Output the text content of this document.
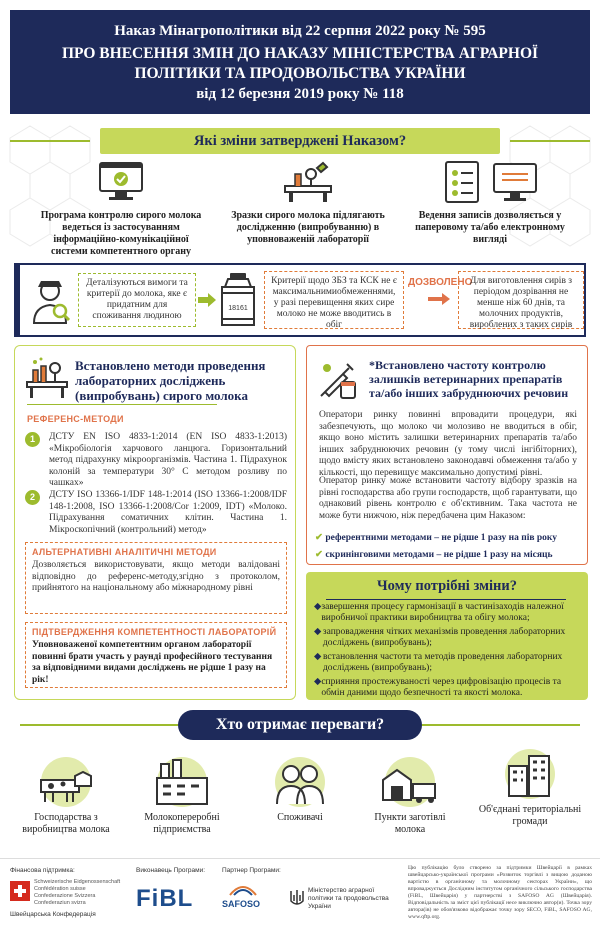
Наказ Мінагрополітики від 22 серпня 2022 року № 595
ПРО ВНЕСЕННЯ ЗМІН ДО НАКАЗУ МІНІСТЕРСТВА АГРАРНОЇ
ПОЛІТИКИ ТА ПРОДОВОЛЬСТВА УКРАЇНИ
від 12 березня 2019 року № 118
Які зміни затверджені Наказом?
Програма контролю сирого молока ведеться із застосуванням інформаційно-комунікаційної системи компетентного органу
Зразки сирого молока підлягають дослідженню (випробуванню) в уповноваженій лабораторії
Ведення записів дозволяється у паперовому та/або електронному вигляді
Деталізуються вимоги та критерії до молока, яке є придатним для споживання людиною
18161
Критерії щодо ЗБЗ та КСК не є максимальнимиобмеженнями, у разі перевищення яких сире молоко не може вводитись в обіг
ДОЗВОЛЕНО
Для виготовлення сирів з періодом дозрівання не менше ніж 60 днів, та молочних продуктів, вироблених з таких сирів
Встановлено методи проведення лабораторних досліджень (випробувань) сирого молока
РЕФЕРЕНС-МЕТОДИ
1	ДСТУ EN ISO 4833-1:2014 (EN ISO 4833-1:2013) «Мікробіологія харчового ланцюга. Горизонтальний метод підрахунку мікроорганізмів. Частина 1. Підрахунок колоній за температури 30° С методом розливу по чашках»
2	ДСТУ ISO 13366-1/IDF 148-1:2014 (ISO 13366-1:2008/IDF 148-1:2008, ISO 13366-1:2008/Cor 1:2009, IDT) «Молоко. Підрахування соматичних клітин. Частина 1. Мікроскопічний (контрольний) метод»
АЛЬТЕРНАТИВНІ АНАЛІТИЧНІ МЕТОДИ
Дозволяється використовувати, якщо методи валідовані відповідно до референс-методу,згідно з протоколом, прийнятого на національному або міжнародному рівні
ПІДТВЕРДЖЕННЯ КОМПЕТЕНТНОСТІ ЛАБОРАТОРІЙ
Уповноваженої компетентним органом лабораторії повинні брати участь у раунді професійного тестування за відповідними видами досліджень не рідше 1 разу на рік!
*Встановлено частоту контролю залишків ветеринарних препаратів та/або інших забруднюючих речовин
Оператори ринку повинні впровадити процедури, які забезпечують, що молоко чи молозиво не вводиться в обіг, якщо воно містить залишки ветеринарних препаратів та/або інших забруднюючих речовин (у тому числі інгібіторних), щодо вмісту яких встановлено законодавчі обмеження та/або у кількості, що перевищує максимально допустимі рівні.
Оператор ринку може встановити частоту відбору зразків на рівні господарства або групи господарств, щоб гарантувати, що однаковий рівень контролю є об'єктивним. Така частота не може бути нижчою, ніж передбачена цим Наказом:
✔ референтними методами – не рідше 1 разу на пів року
✔ скринінговими методами – не рідше 1 разу на місяць
Чому потрібні зміни?
◆ завершення процесу гармонізації в частинізаходів належної виробничої практики виробництва та обігу молока;
◆ запровадження чітких механізмів проведення лабораторних досліджень (випробувань);
◆ встановлення частоти та методів проведення лабораторних досліджень (випробувань);
◆ сприяння простежуваності через цифровізацію процесів та обмін даними щодо безпечності та якості молока.
Хто отримає переваги?
Господарства з виробництва молока
Молокопереробні підприємства
Споживачі	Пункти заготівлі молока
Об'єднані територіальні громади
Фінансова підтримка:
Schweizerische Eidgenossenschaft
Confédération suisse
Confederazione Svizzera
Confederaziun svizra
Швейцарська Конфедерація
Виконавець Програми:
FiBL
Партнер Програми:
SAFOSO
Міністерство аграрної політики та продовольства України
Цю публікацію було створено за підтримки Швейцарії в рамках швейцарсько-української програми «Розвиток торгівлі з вищою доданою вартістю в органічному та молочному секторах України», що впроваджується Дослідним інститутом органічного сільського господарства (FiBL, Швейцарія) у партнерстві з SAFOSO AG (Швейцарія). Відповідальність за зміст цієї публікації несе виключно автор(и). Точка зору автора(ів) не обов'язково відображає точку зору SECO, FiBL, SAFOSO AG, www.qftp.org.
